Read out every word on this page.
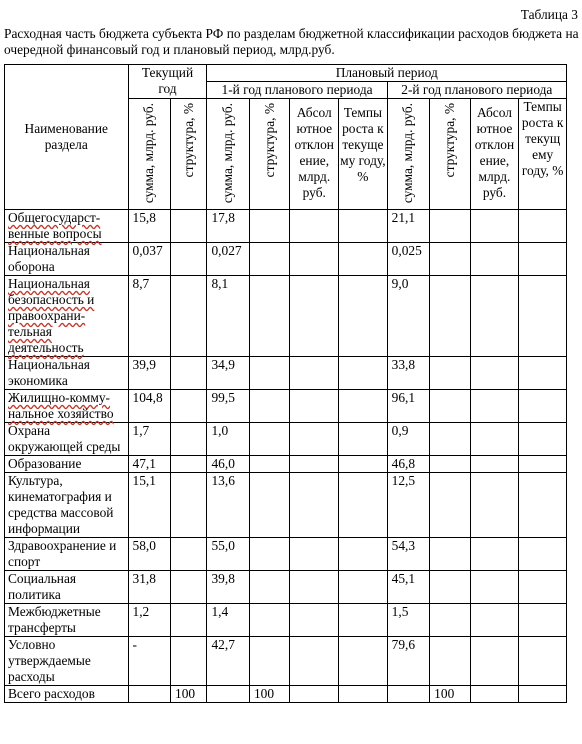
Таблица 3
Расходная часть бюджета субъекта РФ по разделам бюджетной классификации расходов бюджета на очередной финансовый год и плановый период, млрд.руб.
Наименование раздела	Текущий год		Плановый период							
			1-й год планового периода				2-й год планового периода			
	сумма, млрд. руб.	структура, %	сумма, млрд. руб.	структура, %	Абсол ютное отклон ение, млрд. руб.	Темпы роста к текуще му году, %	сумма, млрд. руб.	структура, %	Абсол ютное отклон ение, млрд. руб.	Темпы роста к текущ ему году, %
Общегосударст-венные вопросы	15,8		17,8				21,1			
Национальная оборона	0,037		0,027				0,025			
Национальная безопасность и правоохрани-тельная деятельность	8,7		8,1				9,0			
Национальная экономика	39,9		34,9				33,8			
Жилищно-комму-нальное хозяйство	104,8		99,5				96,1			
Охрана окружающей среды	1,7		1,0				0,9			
Образование	47,1		46,0				46,8			
Культура, кинематография и средства массовой информации	15,1		13,6				12,5			
Здравоохранение и спорт	58,0		55,0				54,3			
Социальная политика	31,8		39,8				45,1			
Межбюджетные трансферты	1,2		1,4				1,5			
Условно утверждаемые расходы	-		42,7				79,6			
Всего расходов		100		100				100		
